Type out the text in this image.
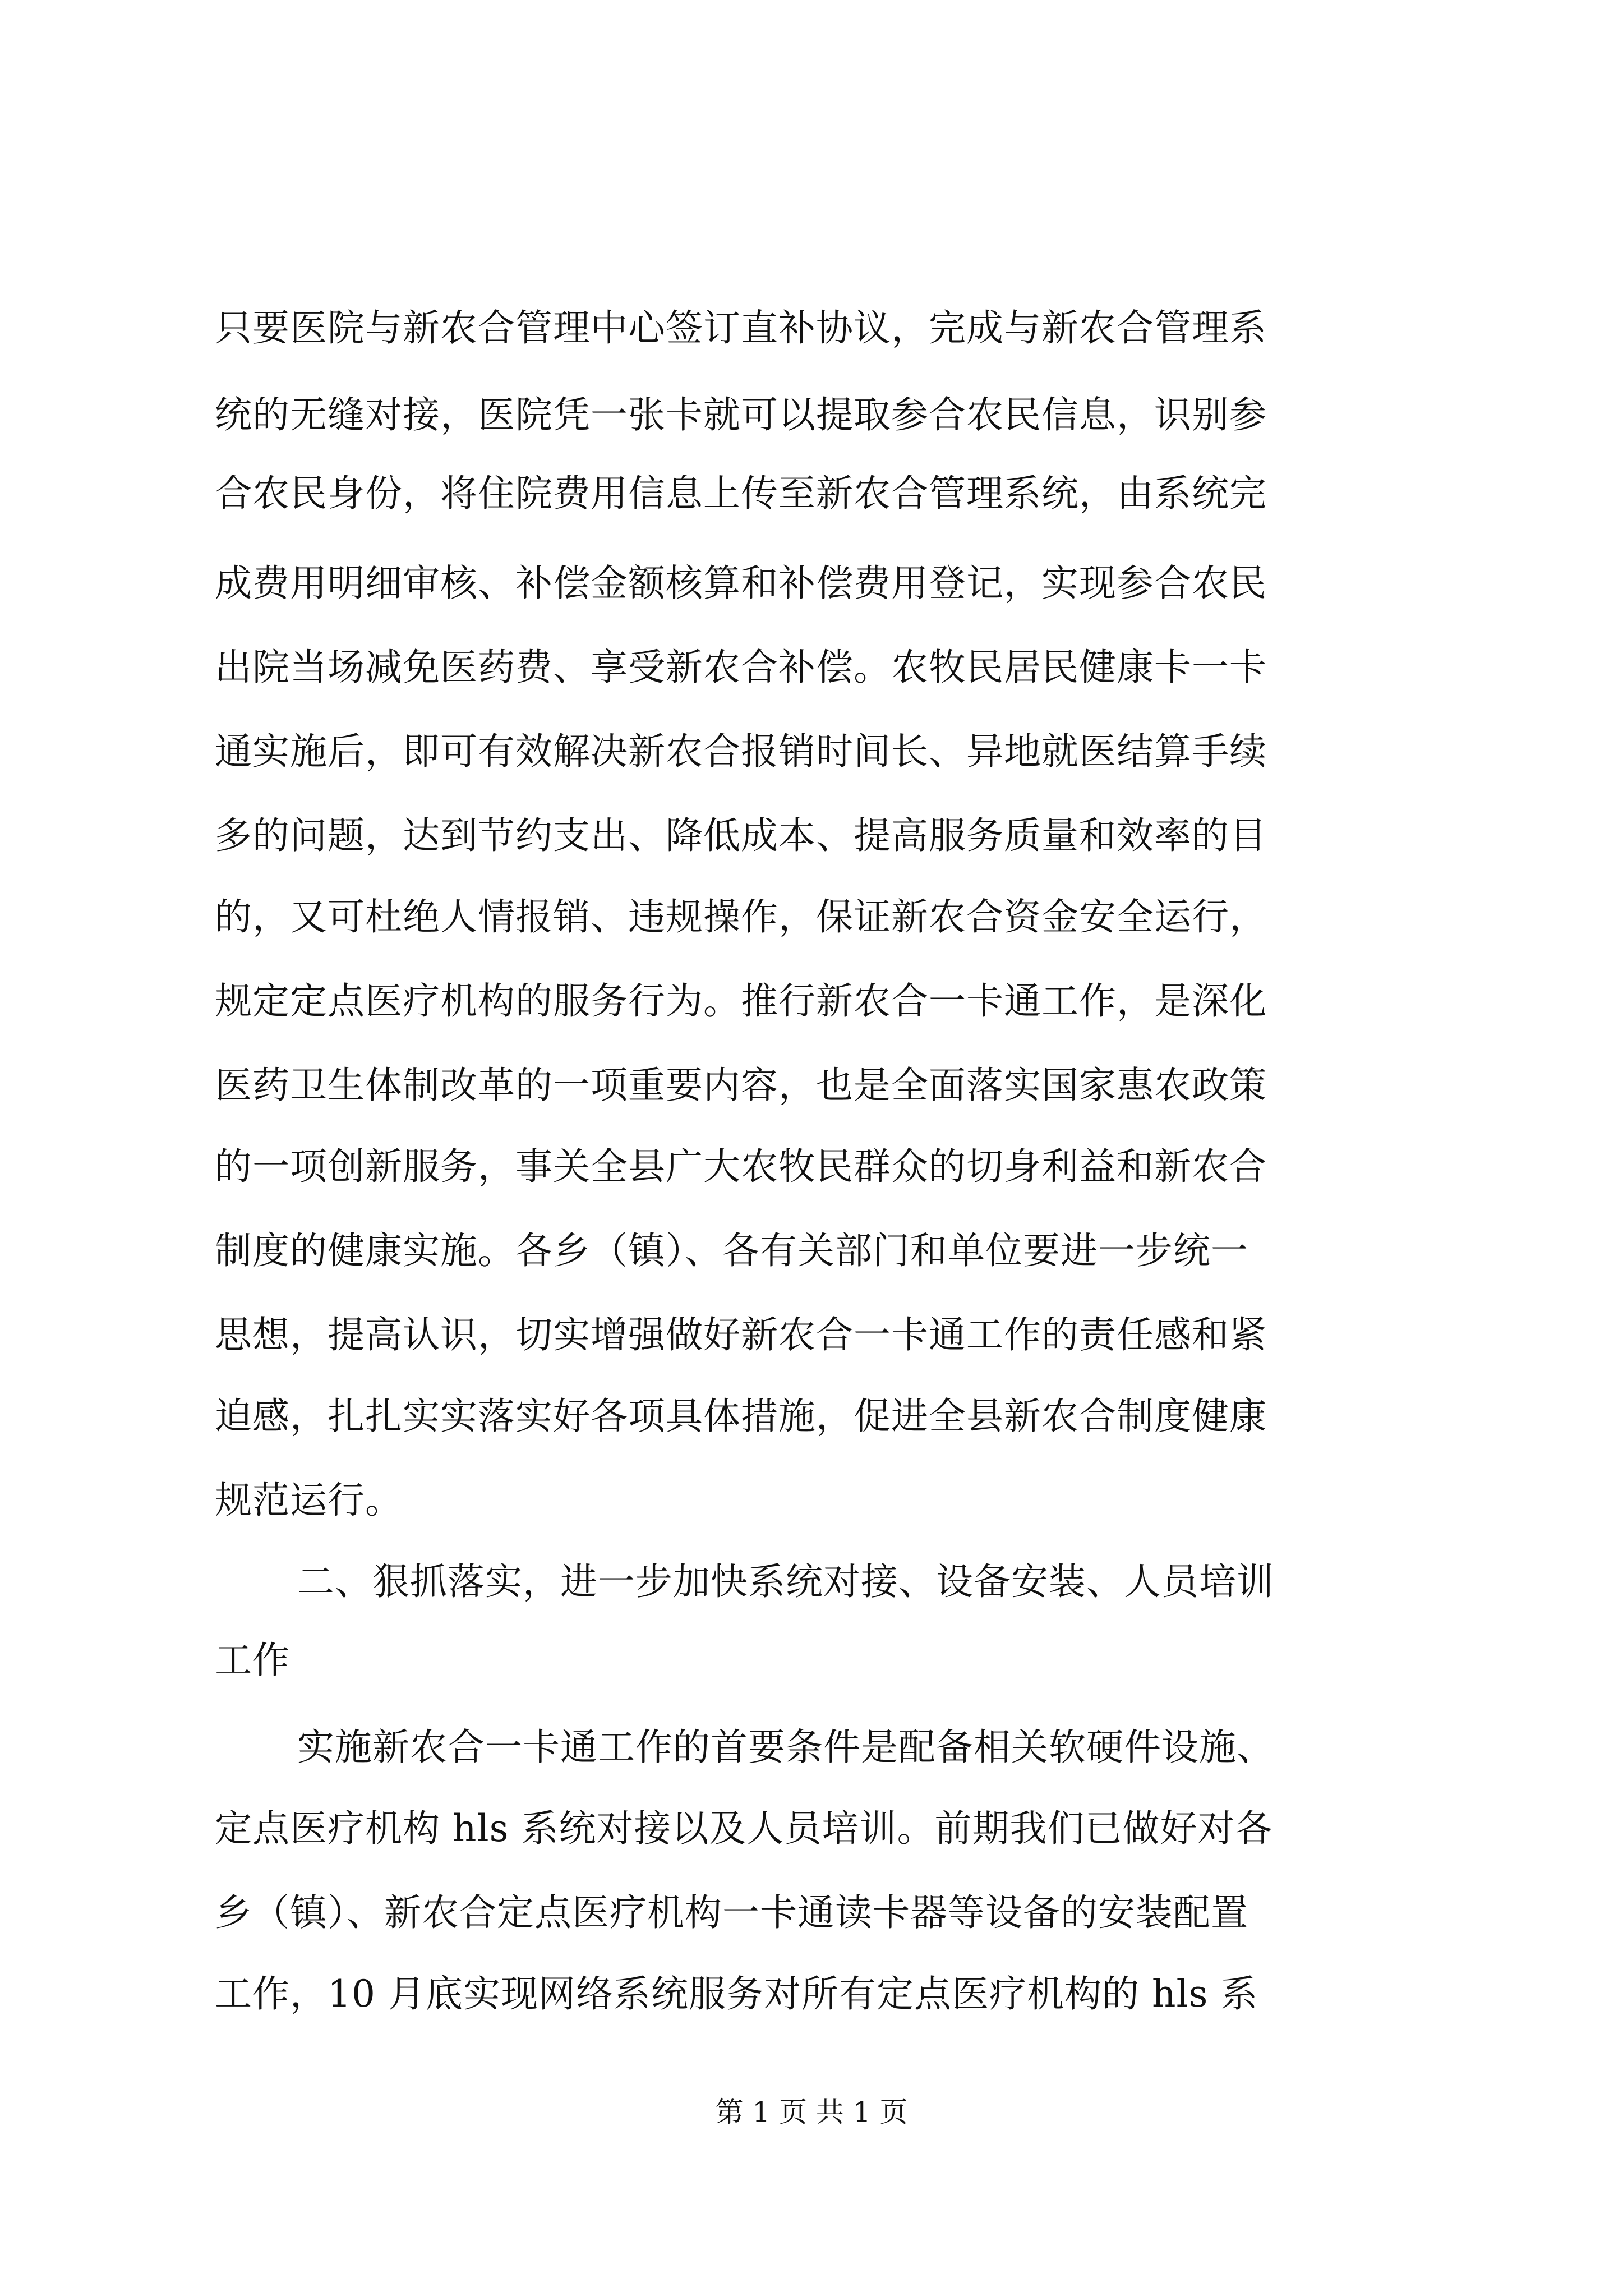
只要医院与新农合管理中心签订直补协议，完成与新农合管理系
统的无缝对接，医院凭一张卡就可以提取参合农民信息，识别参
合农民身份，将住院费用信息上传至新农合管理系统，由系统完
成费用明细审核、补偿金额核算和补偿费用登记，实现参合农民
出院当场减免医药费、享受新农合补偿。农牧民居民健康卡一卡
通实施后，即可有效解决新农合报销时间长、异地就医结算手续
多的问题，达到节约支出、降低成本、提高服务质量和效率的目
的，又可杜绝人情报销、违规操作，保证新农合资金安全运行，
规定定点医疗机构的服务行为。推行新农合一卡通工作，是深化
医药卫生体制改革的一项重要内容，也是全面落实国家惠农政策
的一项创新服务，事关全县广大农牧民群众的切身利益和新农合
制度的健康实施。各乡（镇）、各有关部门和单位要进一步统一
思想，提高认识，切实增强做好新农合一卡通工作的责任感和紧
迫感，扎扎实实落实好各项具体措施，促进全县新农合制度健康
规范运行。
二、狠抓落实，进一步加快系统对接、设备安装、人员培训
工作
实施新农合一卡通工作的首要条件是配备相关软硬件设施、
定点医疗机构 hls 系统对接以及人员培训。前期我们已做好对各
乡（镇）、新农合定点医疗机构一卡通读卡器等设备的安装配置
工作，10 月底实现网络系统服务对所有定点医疗机构的 hls 系
第 1 页 共 1 页
